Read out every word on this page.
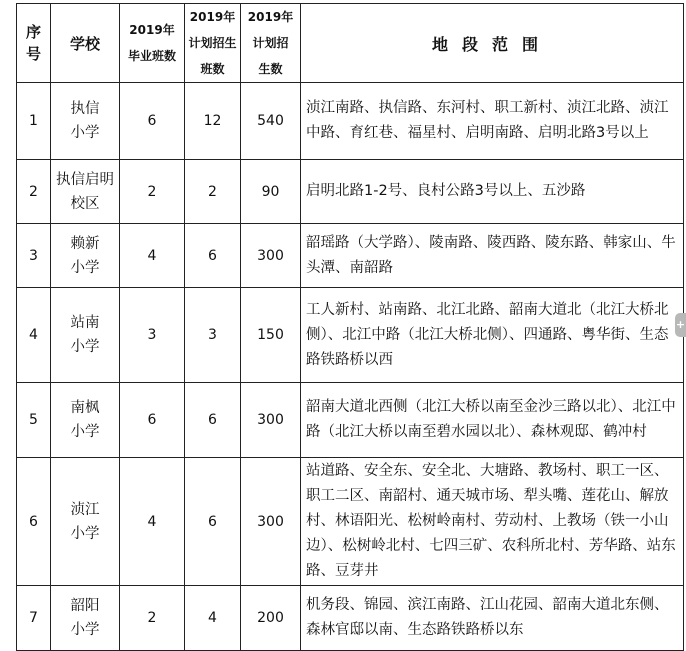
序号	学校	2019年毕业班数	2019年计划招生班数	2019年计划招生数	地段范围
1	执信小学	6	12	540	浈江南路、执信路、东河村、职工新村、浈江北路、浈江中路、育红巷、福星村、启明南路、启明北路3号以上
2	执信启明校区	2	2	90	启明北路1-2号、良村公路3号以上、五沙路
3	赖新小学	4	6	300	韶瑶路（大学路）、陵南路、陵西路、陵东路、韩家山、牛头潭、南韶路
4	站南小学	3	3	150	工人新村、站南路、北江北路、韶南大道北（北江大桥北侧）、北江中路（北江大桥北侧）、四通路、粤华街、生态路铁路桥以西
5	南枫小学	6	6	300	韶南大道北西侧（北江大桥以南至金沙三路以北）、北江中路（北江大桥以南至碧水园以北）、森林观邸、鹤冲村
6	浈江小学	4	6	300	站道路、安全东、安全北、大塘路、教场村、职工一区、职工二区、南韶村、通天城市场、犁头嘴、莲花山、解放村、林语阳光、松树岭南村、劳动村、上教场（铁一小山边）、松树岭北村、七四三矿、农科所北村、芳华路、站东路、豆芽井
7	韶阳小学	2	4	200	机务段、锦园、滨江南路、江山花园、韶南大道北东侧、森林官邸以南、生态路铁路桥以东
+
